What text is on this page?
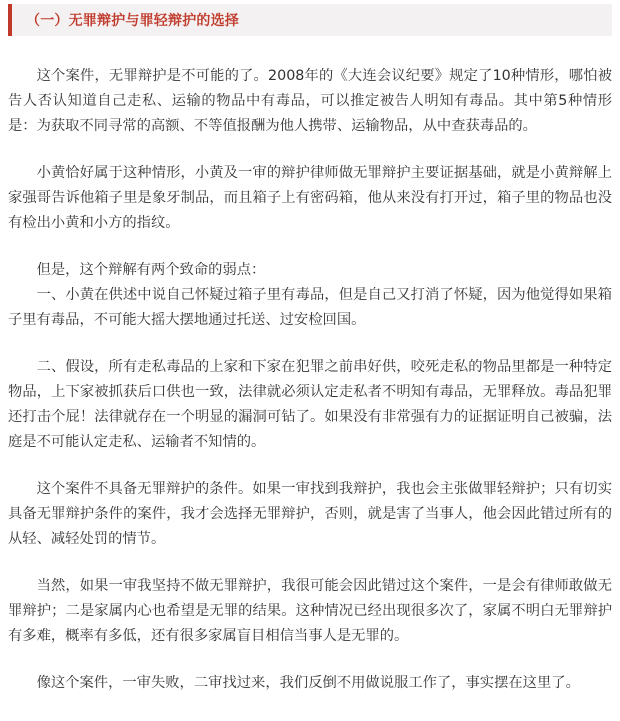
（一）无罪辩护与罪轻辩护的选择

这个案件，无罪辩护是不可能的了。2008年的《大连会议纪要》规定了10种情形，哪怕被告人否认知道自己走私、运输的物品中有毒品，可以推定被告人明知有毒品。其中第5种情形是：为获取不同寻常的高额、不等值报酬为他人携带、运输物品，从中查获毒品的。

小黄恰好属于这种情形，小黄及一审的辩护律师做无罪辩护主要证据基础，就是小黄辩解上家强哥告诉他箱子里是象牙制品，而且箱子上有密码箱，他从来没有打开过，箱子里的物品也没有检出小黄和小方的指纹。

但是，这个辩解有两个致命的弱点：

一、小黄在供述中说自己怀疑过箱子里有毒品，但是自己又打消了怀疑，因为他觉得如果箱子里有毒品，不可能大摇大摆地通过托送、过安检回国。

二、假设，所有走私毒品的上家和下家在犯罪之前串好供，咬死走私的物品里都是一种特定物品，上下家被抓获后口供也一致，法律就必须认定走私者不明知有毒品，无罪释放。毒品犯罪还打击个屁！法律就存在一个明显的漏洞可钻了。如果没有非常强有力的证据证明自己被骗，法庭是不可能认定走私、运输者不知情的。

这个案件不具备无罪辩护的条件。如果一审找到我辩护，我也会主张做罪轻辩护；只有切实具备无罪辩护条件的案件，我才会选择无罪辩护，否则，就是害了当事人，他会因此错过所有的从轻、减轻处罚的情节。

当然，如果一审我坚持不做无罪辩护，我很可能会因此错过这个案件，一是会有律师敢做无罪辩护；二是家属内心也希望是无罪的结果。这种情况已经出现很多次了，家属不明白无罪辩护有多难，概率有多低，还有很多家属盲目相信当事人是无罪的。

像这个案件，一审失败，二审找过来，我们反倒不用做说服工作了，事实摆在这里了。
